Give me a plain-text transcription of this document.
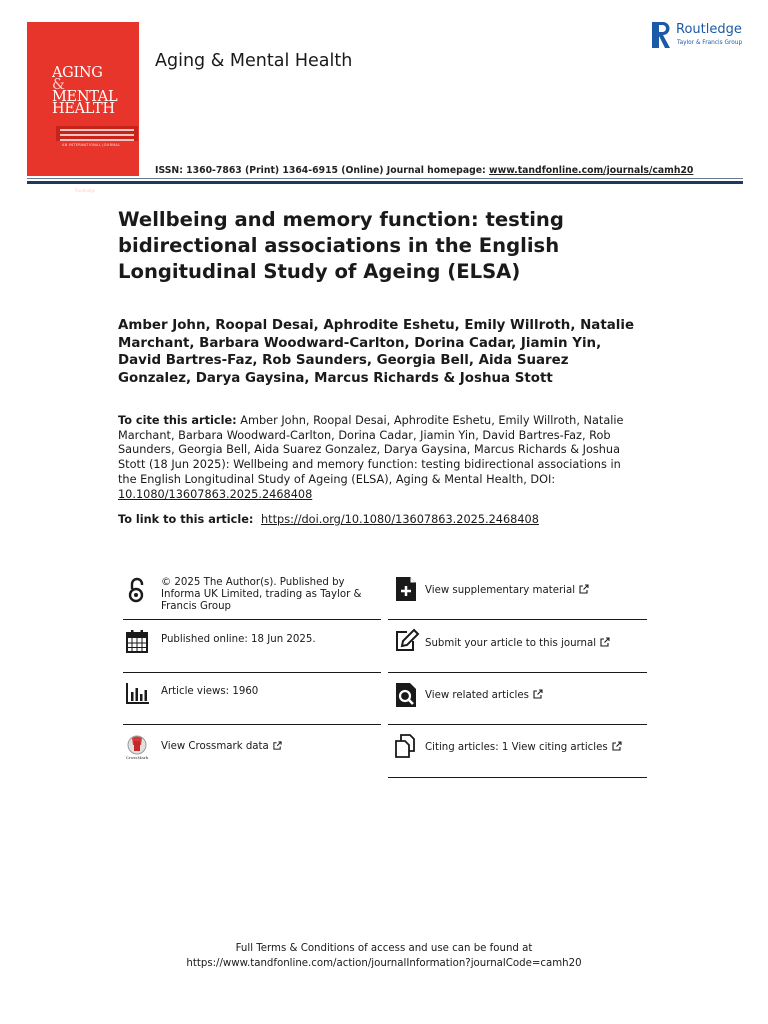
AGING
&
MENTAL
HEALTH
AN INTERNATIONAL JOURNAL
Routledge
Aging & Mental Health
Routledge
Taylor & Francis Group
ISSN: 1360-7863 (Print) 1364-6915 (Online) Journal homepage: www.tandfonline.com/journals/camh20
Wellbeing and memory function: testing bidirectional associations in the English Longitudinal Study of Ageing (ELSA)

Amber John, Roopal Desai, Aphrodite Eshetu, Emily Willroth, Natalie Marchant, Barbara Woodward-Carlton, Dorina Cadar, Jiamin Yin, David Bartres-Faz, Rob Saunders, Georgia Bell, Aida Suarez Gonzalez, Darya Gaysina, Marcus Richards & Joshua Stott

To cite this article: Amber John, Roopal Desai, Aphrodite Eshetu, Emily Willroth, Natalie Marchant, Barbara Woodward-Carlton, Dorina Cadar, Jiamin Yin, David Bartres-Faz, Rob Saunders, Georgia Bell, Aida Suarez Gonzalez, Darya Gaysina, Marcus Richards & Joshua Stott (18 Jun 2025): Wellbeing and memory function: testing bidirectional associations in the English Longitudinal Study of Ageing (ELSA), Aging & Mental Health, DOI: 10.1080/13607863.2025.2468408

To link to this article: https://doi.org/10.1080/13607863.2025.2468408
© 2025 The Author(s). Published by Informa UK Limited, trading as Taylor & Francis Group
Published online: 18 Jun 2025.
Article views: 1960
CrossMark
View Crossmark data
View supplementary material
Submit your article to this journal
View related articles
Citing articles: 1 View citing articles
Full Terms & Conditions of access and use can be found at
https://www.tandfonline.com/action/journalInformation?journalCode=camh20
